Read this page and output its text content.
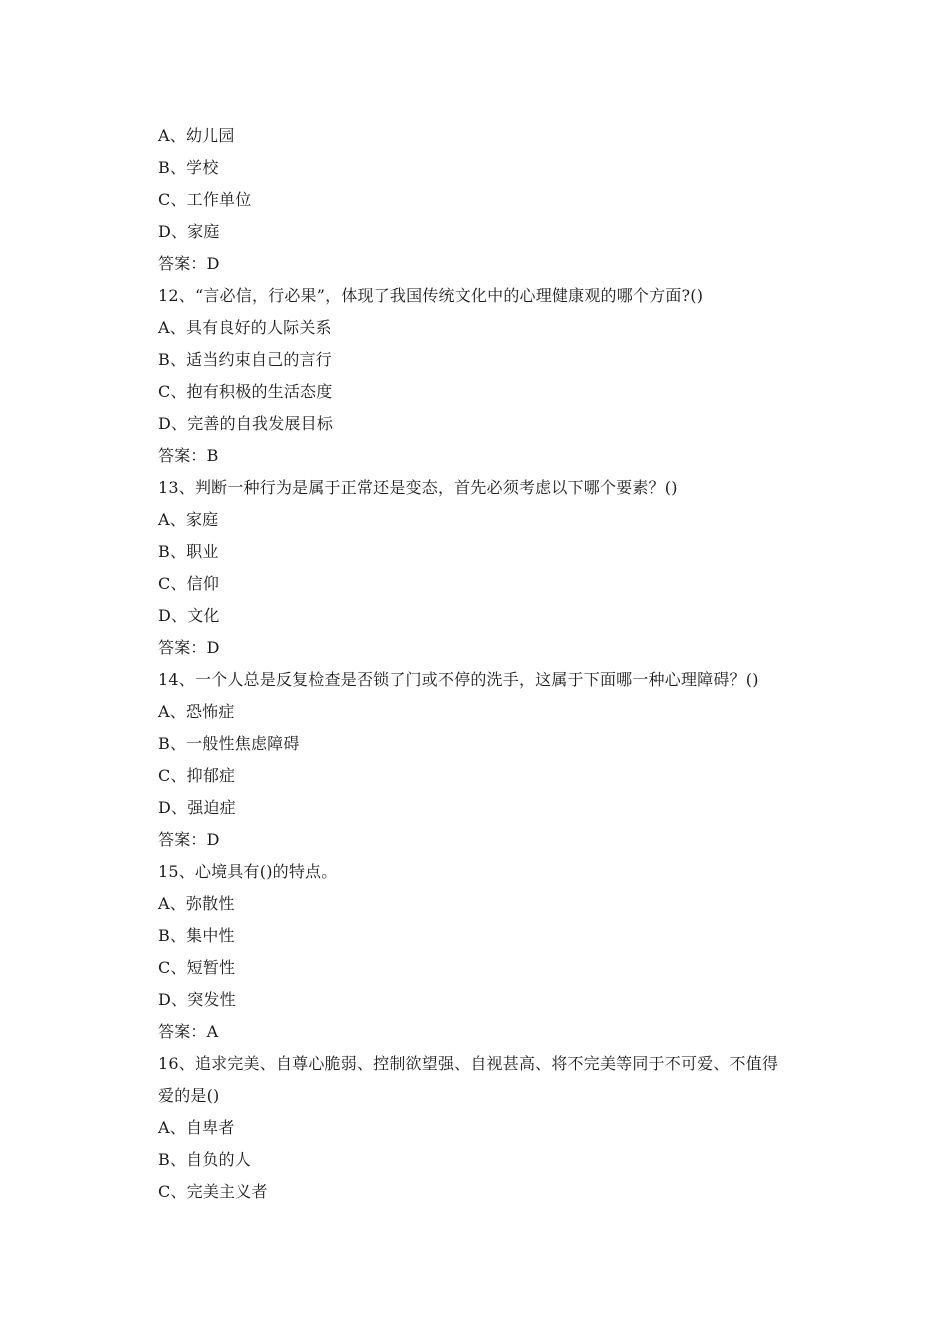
A、幼儿园
B、学校
C、工作单位
D、家庭
答案：D
12、“言必信，行必果”，体现了我国传统文化中的心理健康观的哪个方面?()
A、具有良好的人际关系
B、适当约束自己的言行
C、抱有积极的生活态度
D、完善的自我发展目标
答案：B
13、判断一种行为是属于正常还是变态，首先必须考虑以下哪个要素？()
A、家庭
B、职业
C、信仰
D、文化
答案：D
14、一个人总是反复检查是否锁了门或不停的洗手，这属于下面哪一种心理障碍？()
A、恐怖症
B、一般性焦虑障碍
C、抑郁症
D、强迫症
答案：D
15、心境具有()的特点。
A、弥散性
B、集中性
C、短暂性
D、突发性
答案：A
16、追求完美、自尊心脆弱、控制欲望强、自视甚高、将不完美等同于不可爱、不值得
爱的是()
A、自卑者
B、自负的人
C、完美主义者
